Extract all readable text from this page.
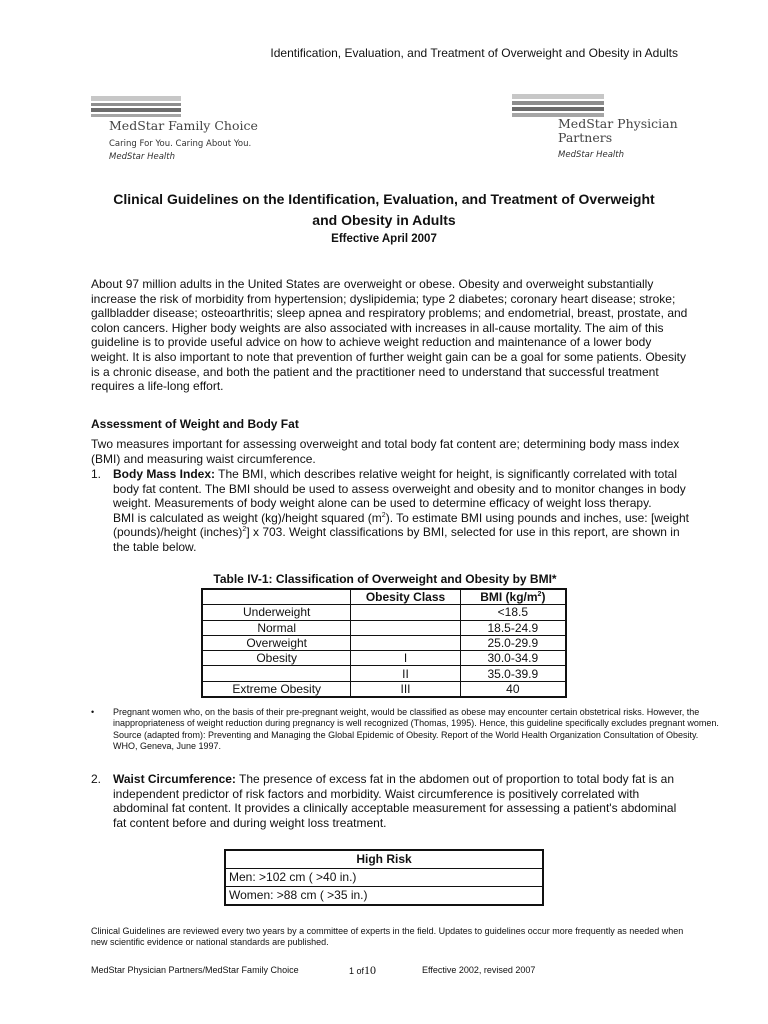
Identification, Evaluation, and Treatment of Overweight and Obesity in Adults
MedStar Family Choice
Caring For You. Caring About You.
MedStar Health
MedStar Physician
Partners
MedStar Health
Clinical Guidelines on the Identification, Evaluation, and Treatment of Overweight
and Obesity in Adults
Effective April 2007
About 97 million adults in the United States are overweight or obese. Obesity and overweight substantially increase the risk of morbidity from hypertension; dyslipidemia; type 2 diabetes; coronary heart disease; stroke; gallbladder disease; osteoarthritis; sleep apnea and respiratory problems; and endometrial, breast, prostate, and colon cancers. Higher body weights are also associated with increases in all-cause mortality. The aim of this guideline is to provide useful advice on how to achieve weight reduction and maintenance of a lower body weight. It is also important to note that prevention of further weight gain can be a goal for some patients. Obesity is a chronic disease, and both the patient and the practitioner need to understand that successful treatment requires a life-long effort.
Assessment of Weight and Body Fat
Two measures important for assessing overweight and total body fat content are; determining body mass index (BMI) and measuring waist circumference.
1. Body Mass Index: The BMI, which describes relative weight for height, is significantly correlated with total body fat content. The BMI should be used to assess overweight and obesity and to monitor changes in body weight. Measurements of body weight alone can be used to determine efficacy of weight loss therapy.
BMI is calculated as weight (kg)/height squared $(m^2)$. To estimate BMI using pounds and inches, use: [weight (pounds)/height (inches)$^2$] x 703. Weight classifications by BMI, selected for use in this report, are shown in the table below.
Table IV-1: Classification of Overweight and Obesity by BMI*
	Obesity Class	BMI $(kg/m^2)$
Underweight		<18.5
Normal		18.5-24.9
Overweight		25.0-29.9
Obesity	I	30.0-34.9
	II	35.0-39.9
Extreme Obesity	III	40
• Pregnant women who, on the basis of their pre-pregnant weight, would be classified as obese may encounter certain obstetrical risks. However, the inappropriateness of weight reduction during pregnancy is well recognized (Thomas, 1995). Hence, this guideline specifically excludes pregnant women.
Source (adapted from): Preventing and Managing the Global Epidemic of Obesity. Report of the World Health Organization Consultation of Obesity. WHO, Geneva, June 1997.
2. Waist Circumference: The presence of excess fat in the abdomen out of proportion to total body fat is an independent predictor of risk factors and morbidity. Waist circumference is positively correlated with abdominal fat content. It provides a clinically acceptable measurement for assessing a patient's abdominal fat content before and during weight loss treatment.
High Risk
Men: >102 cm ( >40 in.)
Women: >88 cm ( >35 in.)
Clinical Guidelines are reviewed every two years by a committee of experts in the field. Updates to guidelines occur more frequently as needed when new scientific evidence or national standards are published.
MedStar Physician Partners/MedStar Family Choice	1 of10	Effective 2002, revised 2007
